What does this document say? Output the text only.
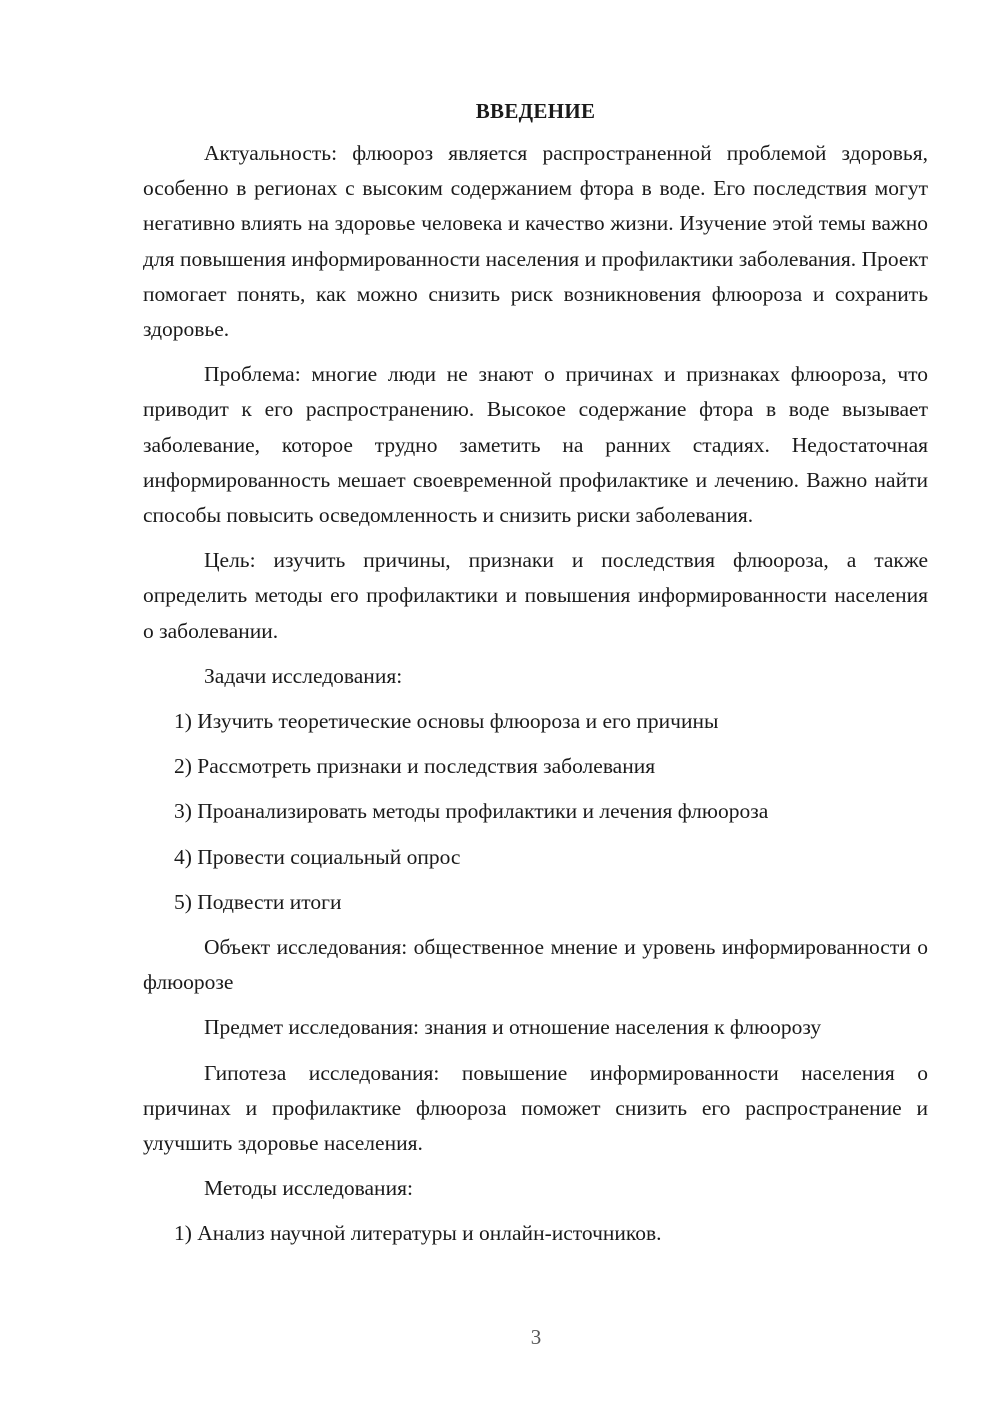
ВВЕДЕНИЕ

Актуальность: флюороз является распространенной проблемой здоровья, особенно в регионах с высоким содержанием фтора в воде. Его последствия могут негативно влиять на здоровье человека и качество жизни. Изучение этой темы важно для повышения информированности населения и профилактики заболевания. Проект помогает понять, как можно снизить риск возникновения флюороза и сохранить здоровье.

Проблема: многие люди не знают о причинах и признаках флюороза, что приводит к его распространению. Высокое содержание фтора в воде вызывает заболевание, которое трудно заметить на ранних стадиях. Недостаточная информированность мешает своевременной профилактике и лечению. Важно найти способы повысить осведомленность и снизить риски заболевания.

Цель: изучить причины, признаки и последствия флюороза, а также определить методы его профилактики и повышения информированности населения о заболевании.

Задачи исследования:

1) Изучить теоретические основы флюороза и его причины

2) Рассмотреть признаки и последствия заболевания

3) Проанализировать методы профилактики и лечения флюороза

4) Провести социальный опрос

5) Подвести итоги

Объект исследования: общественное мнение и уровень информированности о флюорозе

Предмет исследования: знания и отношение населения к флюорозу

Гипотеза исследования: повышение информированности населения о причинах и профилактике флюороза поможет снизить его распространение и улучшить здоровье населения.

Методы исследования:

1) Анализ научной литературы и онлайн-источников.

3
